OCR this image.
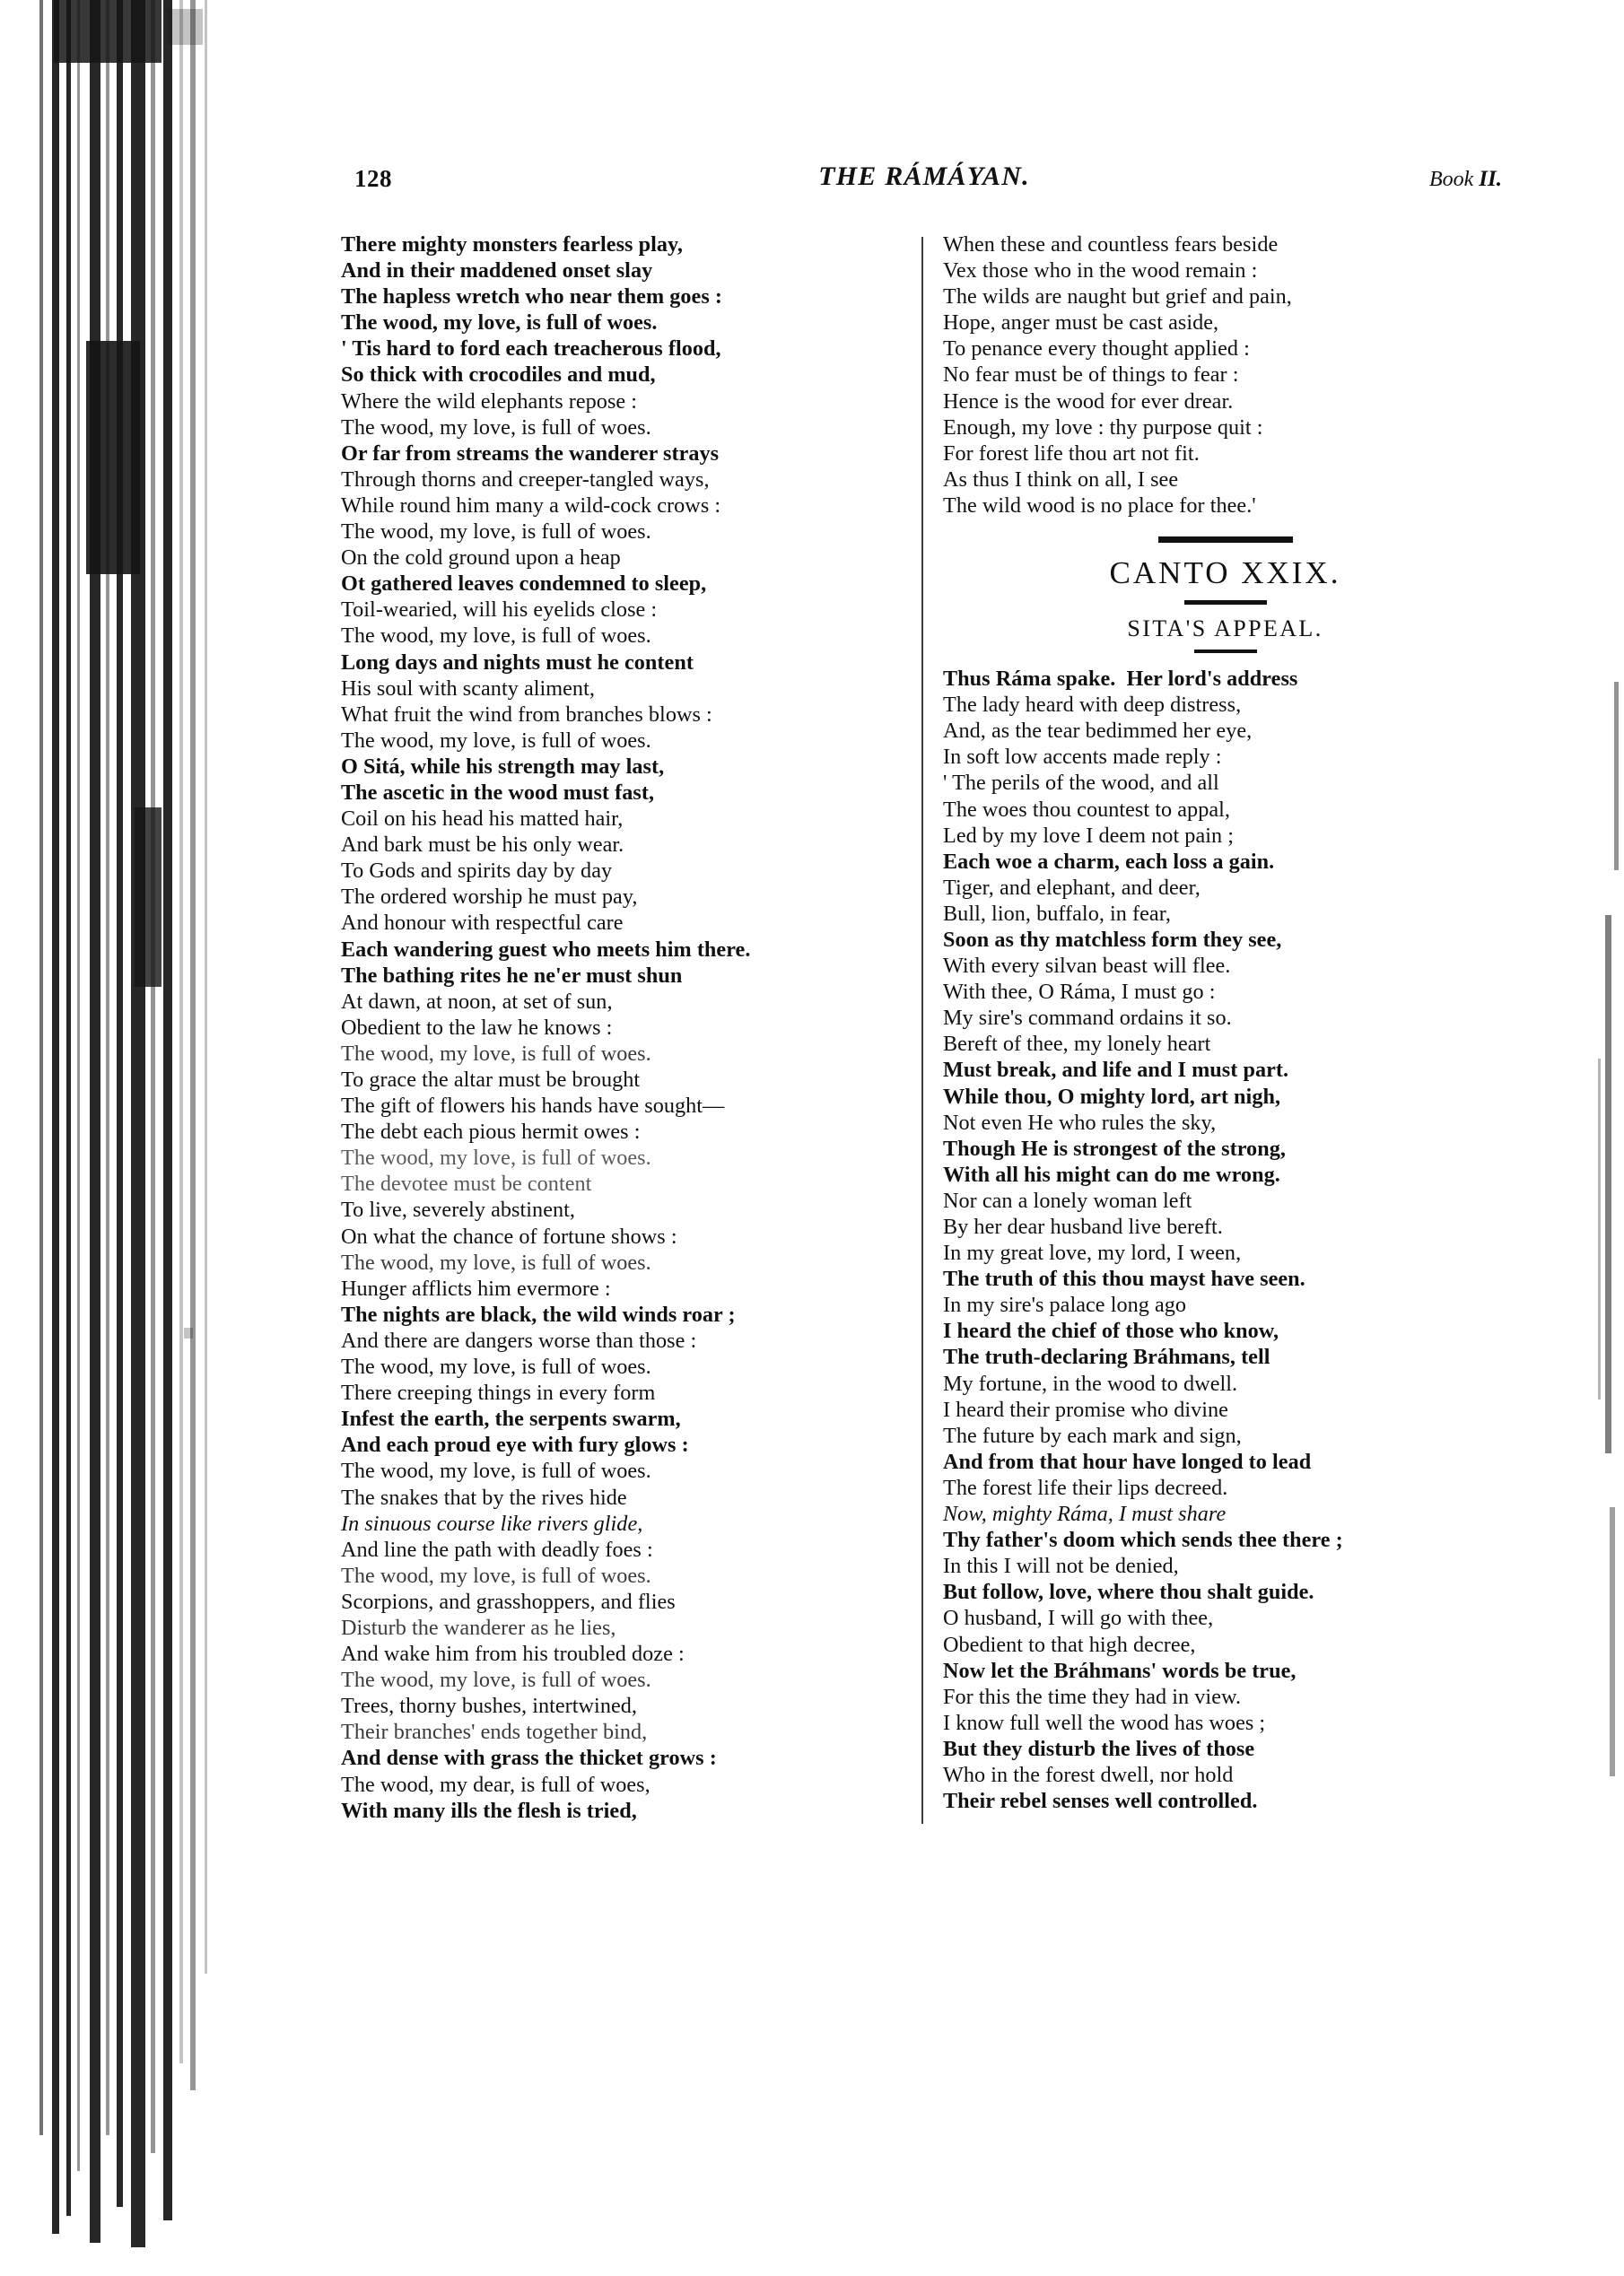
128	THE RÁMÁYAN.	Book II.
There mighty monsters fearless play,
And in their maddened onset slay
The hapless wretch who near them goes :
The wood, my love, is full of woes.
' Tis hard to ford each treacherous flood,
So thick with crocodiles and mud,
Where the wild elephants repose :
The wood, my love, is full of woes.
Or far from streams the wanderer strays
Through thorns and creeper-tangled ways,
While round him many a wild-cock crows :
The wood, my love, is full of woes.
On the cold ground upon a heap
Ot gathered leaves condemned to sleep,
Toil-wearied, will his eyelids close :
The wood, my love, is full of woes.
Long days and nights must he content
His soul with scanty aliment,
What fruit the wind from branches blows :
The wood, my love, is full of woes.
O Sitá, while his strength may last,
The ascetic in the wood must fast,
Coil on his head his matted hair,
And bark must be his only wear.
To Gods and spirits day by day
The ordered worship he must pay,
And honour with respectful care
Each wandering guest who meets him there.
The bathing rites he ne'er must shun
At dawn, at noon, at set of sun,
Obedient to the law he knows :
The wood, my love, is full of woes.
To grace the altar must be brought
The gift of flowers his hands have sought—
The debt each pious hermit owes :
The wood, my love, is full of woes.
The devotee must be content
To live, severely abstinent,
On what the chance of fortune shows :
The wood, my love, is full of woes.
Hunger afflicts him evermore :
The nights are black, the wild winds roar ;
And there are dangers worse than those :
The wood, my love, is full of woes.
There creeping things in every form
Infest the earth, the serpents swarm,
And each proud eye with fury glows :
The wood, my love, is full of woes.
The snakes that by the rives hide
In sinuous course like rivers glide,
And line the path with deadly foes :
The wood, my love, is full of woes.
Scorpions, and grasshoppers, and flies
Disturb the wanderer as he lies,
And wake him from his troubled doze :
The wood, my love, is full of woes.
Trees, thorny bushes, intertwined,
Their branches' ends together bind,
And dense with grass the thicket grows :
The wood, my dear, is full of woes,
With many ills the flesh is tried,
When these and countless fears beside
Vex those who in the wood remain :
The wilds are naught but grief and pain,
Hope, anger must be cast aside,
To penance every thought applied :
No fear must be of things to fear :
Hence is the wood for ever drear.
Enough, my love : thy purpose quit :
For forest life thou art not fit.
As thus I think on all, I see
The wild wood is no place for thee.'
CANTO XXIX.
SITA'S APPEAL.
Thus Ráma spake.  Her lord's address
The lady heard with deep distress,
And, as the tear bedimmed her eye,
In soft low accents made reply :
' The perils of the wood, and all
The woes thou countest to appal,
Led by my love I deem not pain ;
Each woe a charm, each loss a gain.
Tiger, and elephant, and deer,
Bull, lion, buffalo, in fear,
Soon as thy matchless form they see,
With every silvan beast will flee.
With thee, O Ráma, I must go :
My sire's command ordains it so.
Bereft of thee, my lonely heart
Must break, and life and I must part.
While thou, O mighty lord, art nigh,
Not even He who rules the sky,
Though He is strongest of the strong,
With all his might can do me wrong.
Nor can a lonely woman left
By her dear husband live bereft.
In my great love, my lord, I ween,
The truth of this thou mayst have seen.
In my sire's palace long ago
I heard the chief of those who know,
The truth-declaring Bráhmans, tell
My fortune, in the wood to dwell.
I heard their promise who divine
The future by each mark and sign,
And from that hour have longed to lead
The forest life their lips decreed.
Now, mighty Ráma, I must share
Thy father's doom which sends thee there ;
In this I will not be denied,
But follow, love, where thou shalt guide.
O husband, I will go with thee,
Obedient to that high decree,
Now let the Bráhmans' words be true,
For this the time they had in view.
I know full well the wood has woes ;
But they disturb the lives of those
Who in the forest dwell, nor hold
Their rebel senses well controlled.
